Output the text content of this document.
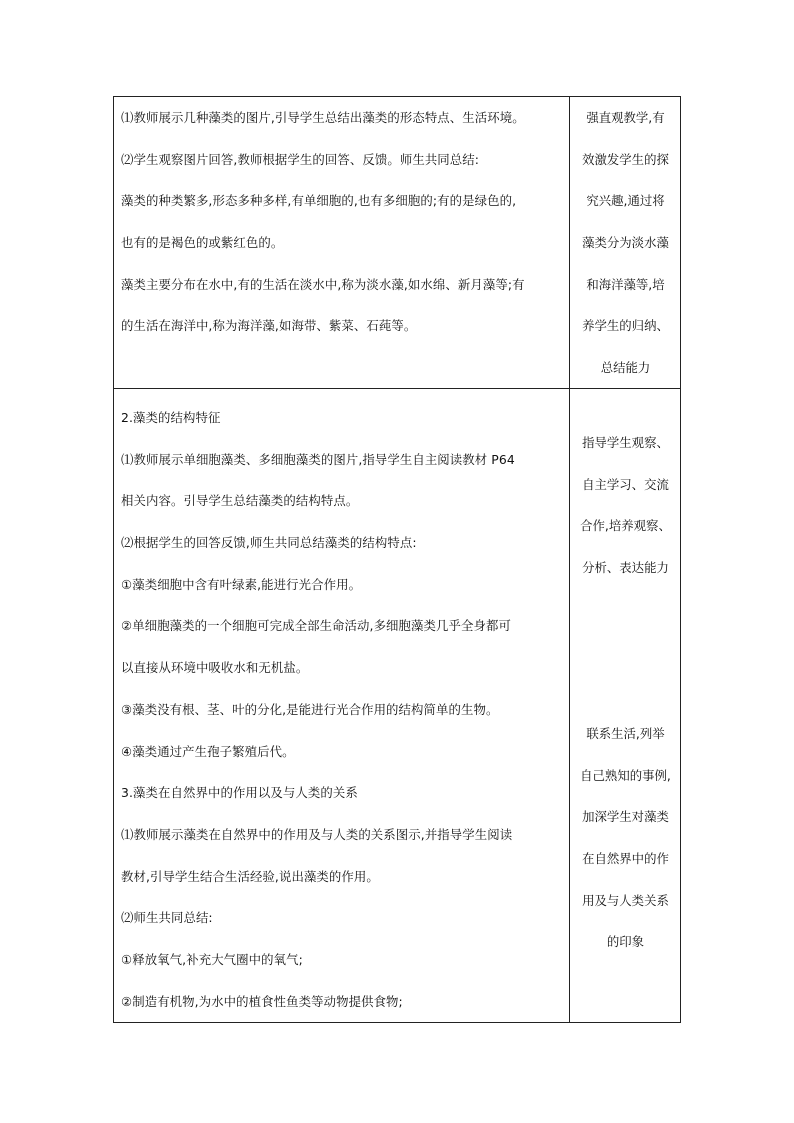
⑴教师展示几种藻类的图片,引导学生总结出藻类的形态特点、生活环境。
⑵学生观察图片回答,教师根据学生的回答、反馈。师生共同总结:
藻类的种类繁多,形态多种多样,有单细胞的,也有多细胞的;有的是绿色的,
也有的是褐色的或紫红色的。
藻类主要分布在水中,有的生活在淡水中,称为淡水藻,如水绵、新月藻等;有
的生活在海洋中,称为海洋藻,如海带、紫菜、石莼等。
强直观教学,有
效激发学生的探
究兴趣,通过将
藻类分为淡水藻
和海洋藻等,培
养学生的归纳、
总结能力
2.藻类的结构特征
⑴教师展示单细胞藻类、多细胞藻类的图片,指导学生自主阅读教材 P64
相关内容。引导学生总结藻类的结构特点。
⑵根据学生的回答反馈,师生共同总结藻类的结构特点:
①藻类细胞中含有叶绿素,能进行光合作用。
②单细胞藻类的一个细胞可完成全部生命活动,多细胞藻类几乎全身都可
以直接从环境中吸收水和无机盐。
③藻类没有根、茎、叶的分化,是能进行光合作用的结构简单的生物。
④藻类通过产生孢子繁殖后代。
3.藻类在自然界中的作用以及与人类的关系
⑴教师展示藻类在自然界中的作用及与人类的关系图示,并指导学生阅读
教材,引导学生结合生活经验,说出藻类的作用。
⑵师生共同总结:
①释放氧气,补充大气圈中的氧气;
②制造有机物,为水中的植食性鱼类等动物提供食物;
指导学生观察、
自主学习、交流
合作,培养观察、
分析、表达能力
联系生活,列举
自己熟知的事例,
加深学生对藻类
在自然界中的作
用及与人类关系
的印象
